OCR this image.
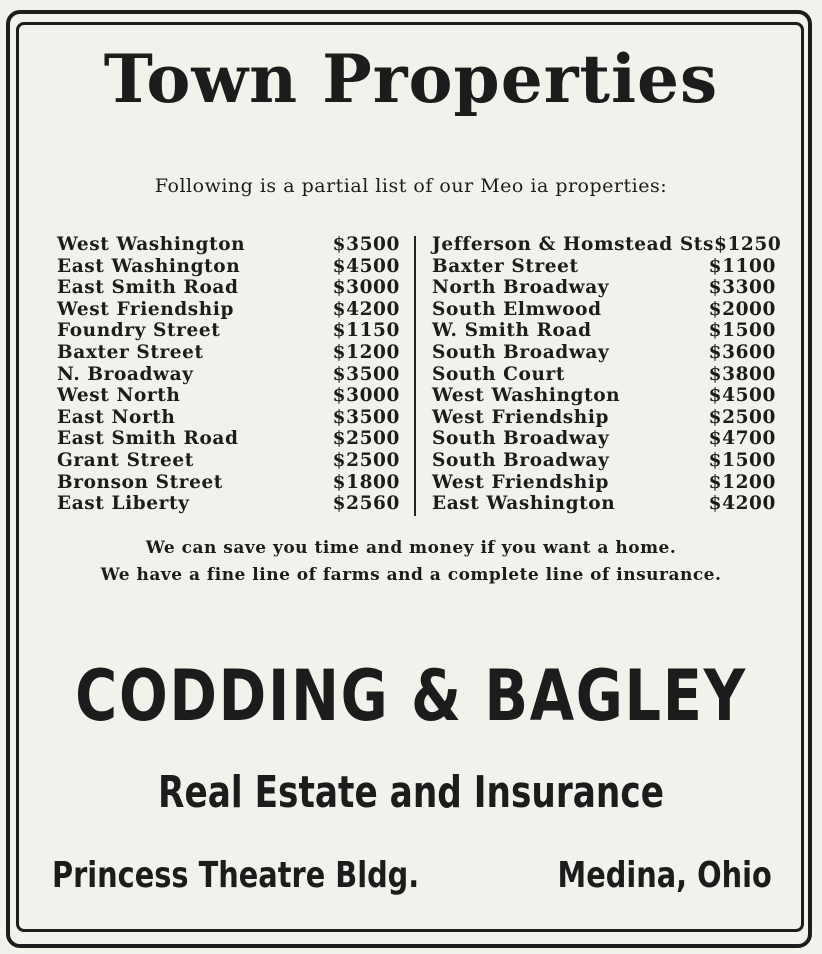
Town Properties
Following is a partial list of our Meo ia properties:
West Washington	$3500
East Washington	$4500
East Smith Road	$3000
West Friendship	$4200
Foundry Street	$1150
Baxter Street	$1200
N. Broadway	$3500
West North	$3000
East North	$3500
East Smith Road	$2500
Grant Street	$2500
Bronson Street	$1800
East Liberty	$2560
Jefferson & Homstead Sts $1250
Baxter Street	$1100
North Broadway	$3300
South Elmwood	$2000
W. Smith Road	$1500
South Broadway	$3600
South Court	$3800
West Washington	$4500
West Friendship	$2500
South Broadway	$4700
South Broadway	$1500
West Friendship	$1200
East Washington	$4200
We can save you time and money if you want a home.
We have a fine line of farms and a complete line of insurance.
CODDING & BAGLEY
Real Estate and Insurance
Princess Theatre Bldg.	Medina, Ohio
